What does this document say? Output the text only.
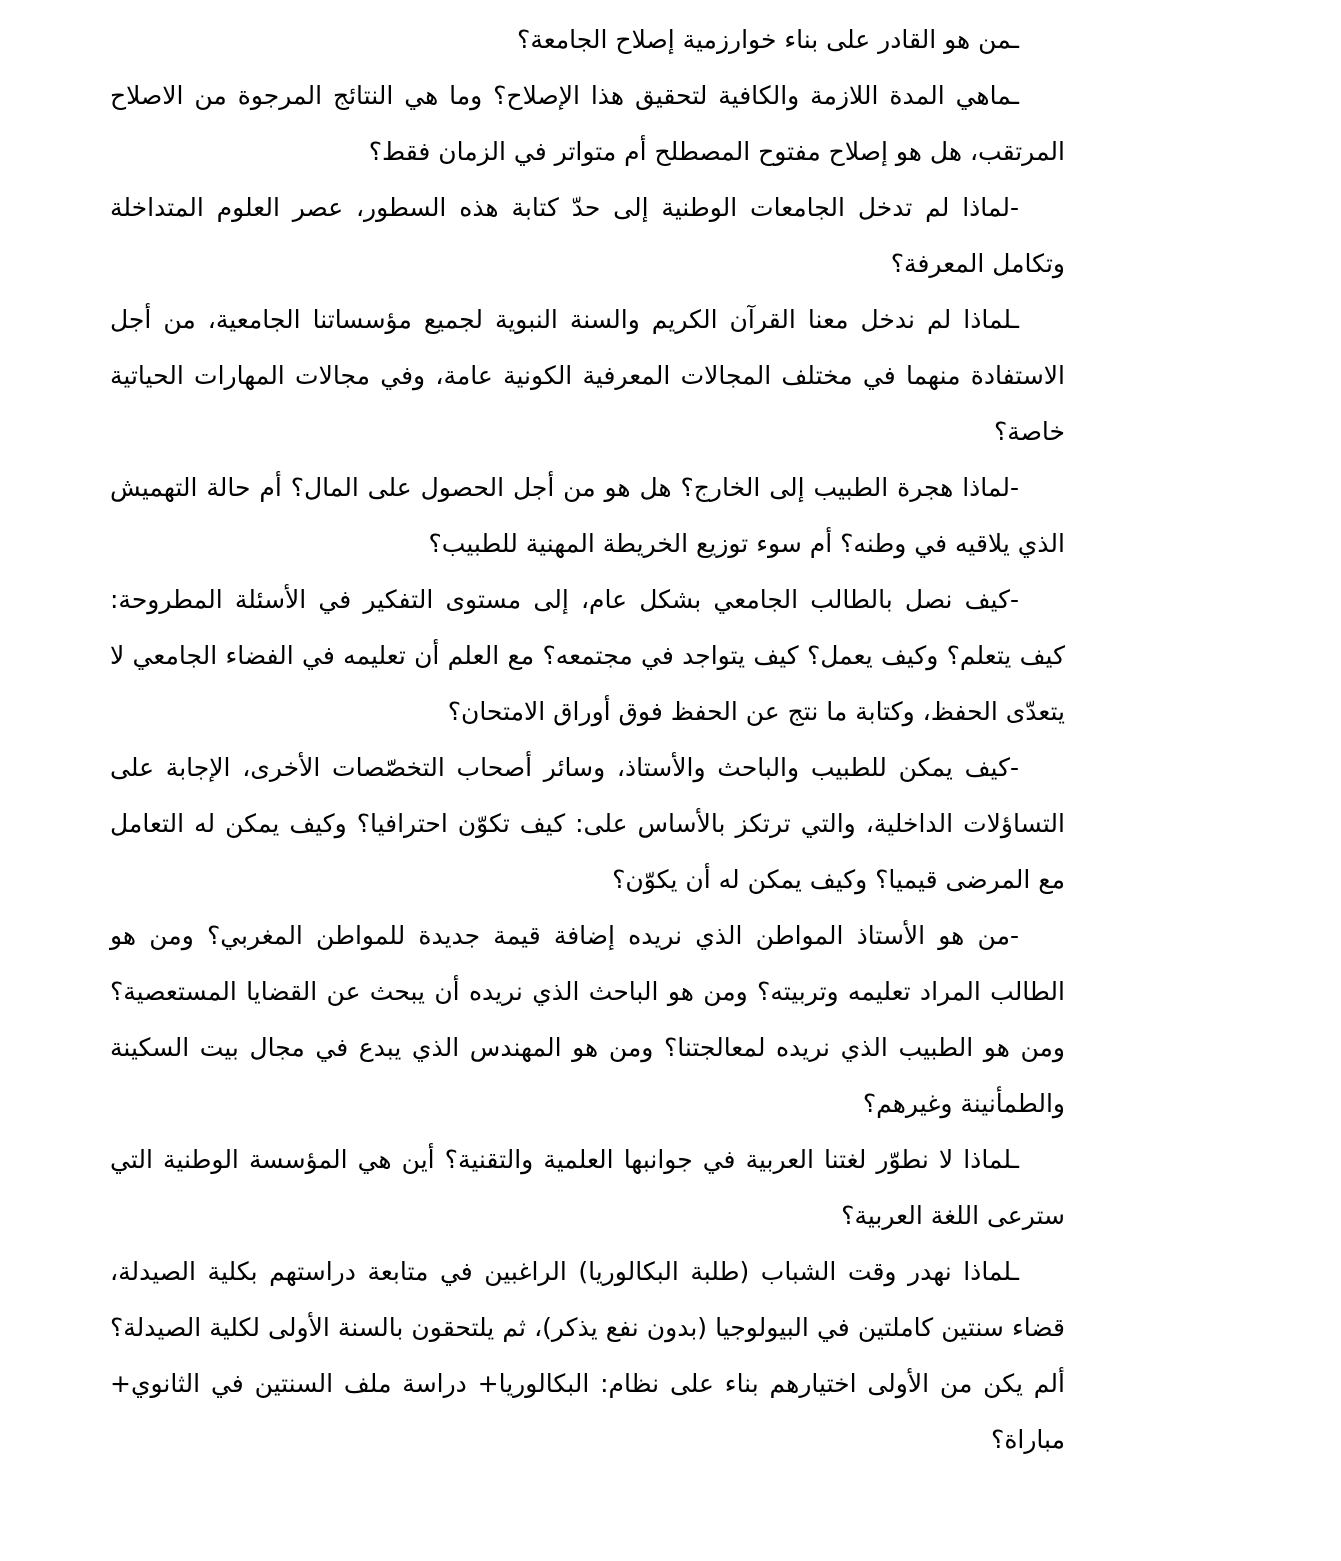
ـمن هو القادر على بناء خوارزمية إصلاح الجامعة؟

ـماهي المدة اللازمة والكافية لتحقيق هذا الإصلاح؟ وما هي النتائج المرجوة من الاصلاح المرتقب، هل هو إصلاح مفتوح المصطلح أم متواتر في الزمان فقط؟

-لماذا لم تدخل الجامعات الوطنية إلى حدّ كتابة هذه السطور، عصر العلوم المتداخلة وتكامل المعرفة؟

ـلماذا لم ندخل معنا القرآن الكريم والسنة النبوية لجميع مؤسساتنا الجامعية، من أجل الاستفادة منهما في مختلف المجالات المعرفية الكونية عامة، وفي مجالات المهارات الحياتية خاصة؟

-لماذا هجرة الطبيب إلى الخارج؟ هل هو من أجل الحصول على المال؟ أم حالة التهميش الذي يلاقيه في وطنه؟ أم سوء توزيع الخريطة المهنية للطبيب؟

-كيف نصل بالطالب الجامعي بشكل عام، إلى مستوى التفكير في الأسئلة المطروحة: كيف يتعلم؟ وكيف يعمل؟ كيف يتواجد في مجتمعه؟ مع العلم أن تعليمه في الفضاء الجامعي لا يتعدّى الحفظ، وكتابة ما نتج عن الحفظ فوق أوراق الامتحان؟

-كيف يمكن للطبيب والباحث والأستاذ، وسائر أصحاب التخصّصات الأخرى، الإجابة على التساؤلات الداخلية، والتي ترتكز بالأساس على: كيف تكوّن احترافيا؟ وكيف يمكن له التعامل مع المرضى قيميا؟ وكيف يمكن له أن يكوّن؟

-من هو الأستاذ المواطن الذي نريده إضافة قيمة جديدة للمواطن المغربي؟ ومن هو الطالب المراد تعليمه وتربيته؟ ومن هو الباحث الذي نريده أن يبحث عن القضايا المستعصية؟ ومن هو الطبيب الذي نريده لمعالجتنا؟ ومن هو المهندس الذي يبدع في مجال بيت السكينة والطمأنينة وغيرهم؟

ـلماذا لا نطوّر لغتنا العربية في جوانبها العلمية والتقنية؟ أين هي المؤسسة الوطنية التي سترعى اللغة العربية؟

ـلماذا نهدر وقت الشباب (طلبة البكالوريا) الراغبين في متابعة دراستهم بكلية الصيدلة، قضاء سنتين كاملتين في البيولوجيا (بدون نفع يذكر)، ثم يلتحقون بالسنة الأولى لكلية الصيدلة؟ ألم يكن من الأولى اختيارهم بناء على نظام: البكالوريا+ دراسة ملف السنتين في الثانوي+ مباراة؟
